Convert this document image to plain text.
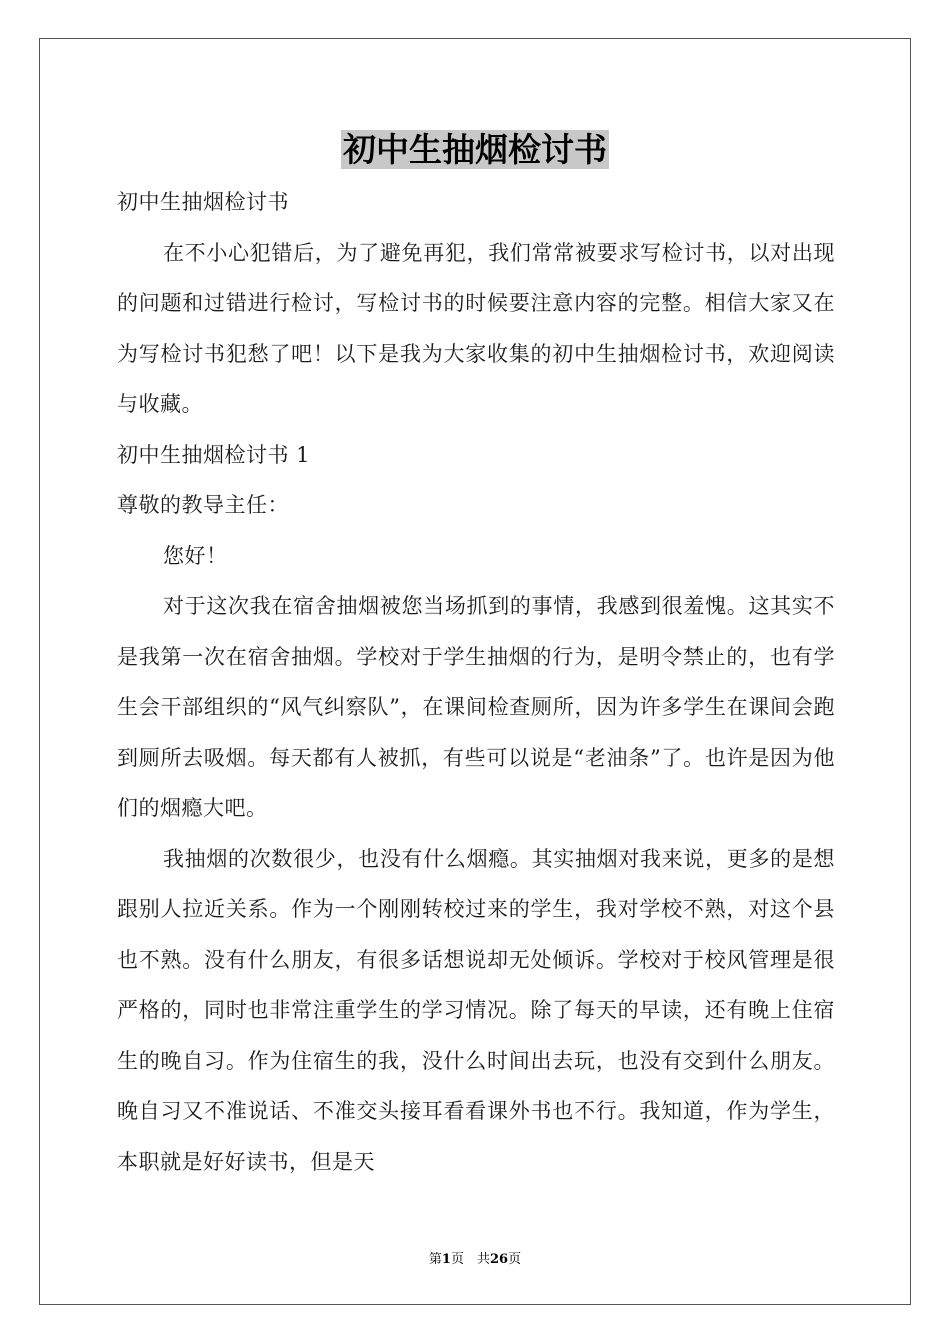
初中生抽烟检讨书

初中生抽烟检讨书

在不小心犯错后，为了避免再犯，我们常常被要求写检讨书，以对出现的问题和过错进行检讨，写检讨书的时候要注意内容的完整。相信大家又在为写检讨书犯愁了吧！以下是我为大家收集的初中生抽烟检讨书，欢迎阅读与收藏。

初中生抽烟检讨书 1

尊敬的教导主任：

您好！

对于这次我在宿舍抽烟被您当场抓到的事情，我感到很羞愧。这其实不是我第一次在宿舍抽烟。学校对于学生抽烟的行为，是明令禁止的，也有学生会干部组织的“风气纠察队”，在课间检查厕所，因为许多学生在课间会跑到厕所去吸烟。每天都有人被抓，有些可以说是“老油条”了。也许是因为他们的烟瘾大吧。

我抽烟的次数很少，也没有什么烟瘾。其实抽烟对我来说，更多的是想跟别人拉近关系。作为一个刚刚转校过来的学生，我对学校不熟，对这个县也不熟。没有什么朋友，有很多话想说却无处倾诉。学校对于校风管理是很严格的，同时也非常注重学生的学习情况。除了每天的早读，还有晚上住宿生的晚自习。作为住宿生的我，没什么时间出去玩，也没有交到什么朋友。晚自习又不准说话、不准交头接耳看看课外书也不行。我知道，作为学生，本职就是好好读书，但是天

第1页　共26页
